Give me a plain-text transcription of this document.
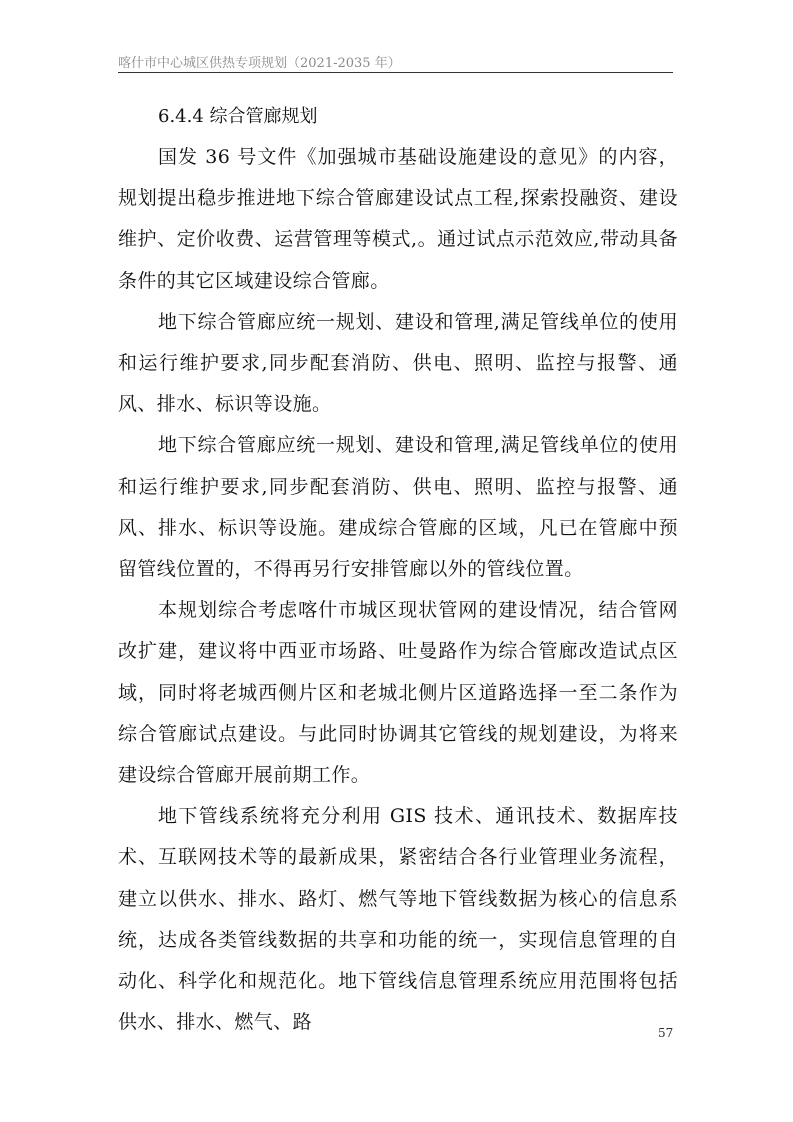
喀什市中心城区供热专项规划（2021-2035 年）
6.4.4 综合管廊规划

国发 36 号文件《加强城市基础设施建设的意见》的内容，规划提出稳步推进地下综合管廊建设试点工程,探索投融资、建设维护、定价收费、运营管理等模式,。通过试点示范效应,带动具备条件的其它区域建设综合管廊。

地下综合管廊应统一规划、建设和管理,满足管线单位的使用和运行维护要求,同步配套消防、供电、照明、监控与报警、通风、排水、标识等设施。

地下综合管廊应统一规划、建设和管理,满足管线单位的使用和运行维护要求,同步配套消防、供电、照明、监控与报警、通风、排水、标识等设施。建成综合管廊的区域，凡已在管廊中预留管线位置的，不得再另行安排管廊以外的管线位置。

本规划综合考虑喀什市城区现状管网的建设情况，结合管网改扩建，建议将中西亚市场路、吐曼路作为综合管廊改造试点区域，同时将老城西侧片区和老城北侧片区道路选择一至二条作为综合管廊试点建设。与此同时协调其它管线的规划建设，为将来建设综合管廊开展前期工作。

地下管线系统将充分利用 GIS 技术、通讯技术、数据库技术、互联网技术等的最新成果，紧密结合各行业管理业务流程，建立以供水、排水、路灯、燃气等地下管线数据为核心的信息系统，达成各类管线数据的共享和功能的统一，实现信息管理的自动化、科学化和规范化。地下管线信息管理系统应用范围将包括供水、排水、燃气、路	57
